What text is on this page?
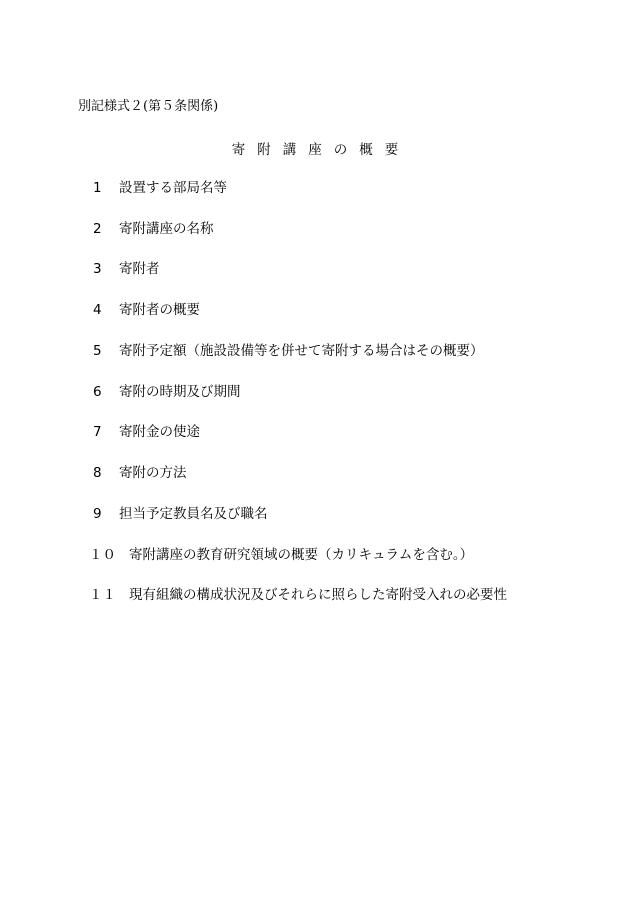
別記様式２(第５条関係)
寄附講座の概要
1	設置する部局名等
2	寄附講座の名称
3	寄附者
4	寄附者の概要
5	寄附予定額（施設設備等を併せて寄附する場合はその概要）
6	寄附の時期及び期間
7	寄附金の使途
8	寄附の方法
9	担当予定教員名及び職名
１０ 寄附講座の教育研究領域の概要（カリキュラムを含む。）
１１ 現有組織の構成状況及びそれらに照らした寄附受入れの必要性
